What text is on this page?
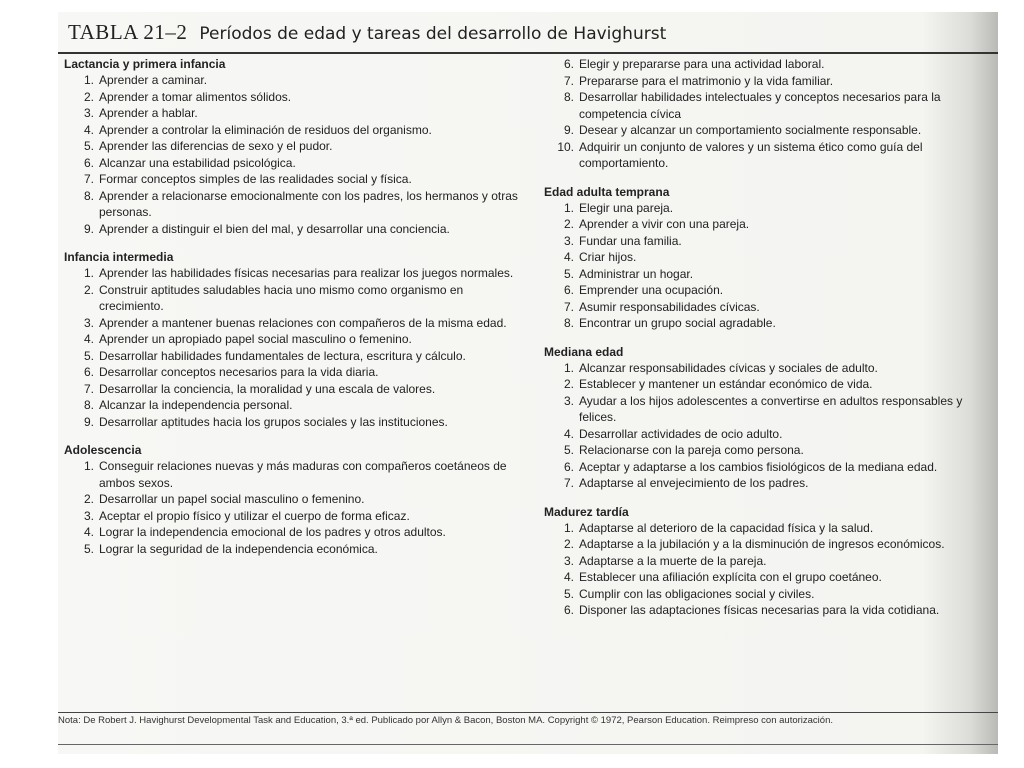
TABLA 21–2 Períodos de edad y tareas del desarrollo de Havighurst

Lactancia y primera infancia

1. Aprender a caminar.
2. Aprender a tomar alimentos sólidos.
3. Aprender a hablar.
4. Aprender a controlar la eliminación de residuos del organismo.
5. Aprender las diferencias de sexo y el pudor.
6. Alcanzar una estabilidad psicológica.
7. Formar conceptos simples de las realidades social y física.
8. Aprender a relacionarse emocionalmente con los padres, los hermanos y otras personas.
9. Aprender a distinguir el bien del mal, y desarrollar una conciencia.

Infancia intermedia

1. Aprender las habilidades físicas necesarias para realizar los juegos normales.
2. Construir aptitudes saludables hacia uno mismo como organismo en crecimiento.
3. Aprender a mantener buenas relaciones con compañeros de la misma edad.
4. Aprender un apropiado papel social masculino o femenino.
5. Desarrollar habilidades fundamentales de lectura, escritura y cálculo.
6. Desarrollar conceptos necesarios para la vida diaria.
7. Desarrollar la conciencia, la moralidad y una escala de valores.
8. Alcanzar la independencia personal.
9. Desarrollar aptitudes hacia los grupos sociales y las instituciones.

Adolescencia

1. Conseguir relaciones nuevas y más maduras con compañeros coetáneos de ambos sexos.
2. Desarrollar un papel social masculino o femenino.
3. Aceptar el propio físico y utilizar el cuerpo de forma eficaz.
4. Lograr la independencia emocional de los padres y otros adultos.
5. Lograr la seguridad de la independencia económica.
6. Elegir y prepararse para una actividad laboral.
7. Prepararse para el matrimonio y la vida familiar.
8. Desarrollar habilidades intelectuales y conceptos necesarios para la competencia cívica
9. Desear y alcanzar un comportamiento socialmente responsable.
10. Adquirir un conjunto de valores y un sistema ético como guía del comportamiento.

Edad adulta temprana

1. Elegir una pareja.
2. Aprender a vivir con una pareja.
3. Fundar una familia.
4. Criar hijos.
5. Administrar un hogar.
6. Emprender una ocupación.
7. Asumir responsabilidades cívicas.
8. Encontrar un grupo social agradable.

Mediana edad

1. Alcanzar responsabilidades cívicas y sociales de adulto.
2. Establecer y mantener un estándar económico de vida.
3. Ayudar a los hijos adolescentes a convertirse en adultos responsables y felices.
4. Desarrollar actividades de ocio adulto.
5. Relacionarse con la pareja como persona.
6. Aceptar y adaptarse a los cambios fisiológicos de la mediana edad.
7. Adaptarse al envejecimiento de los padres.

Madurez tardía

1. Adaptarse al deterioro de la capacidad física y la salud.
2. Adaptarse a la jubilación y a la disminución de ingresos económicos.
3. Adaptarse a la muerte de la pareja.
4. Establecer una afiliación explícita con el grupo coetáneo.
5. Cumplir con las obligaciones social y civiles.
6. Disponer las adaptaciones físicas necesarias para la vida cotidiana.
Nota: De Robert J. Havighurst Developmental Task and Education, 3.ª ed. Publicado por Allyn & Bacon, Boston MA. Copyright © 1972, Pearson Education. Reimpreso con autorización.
